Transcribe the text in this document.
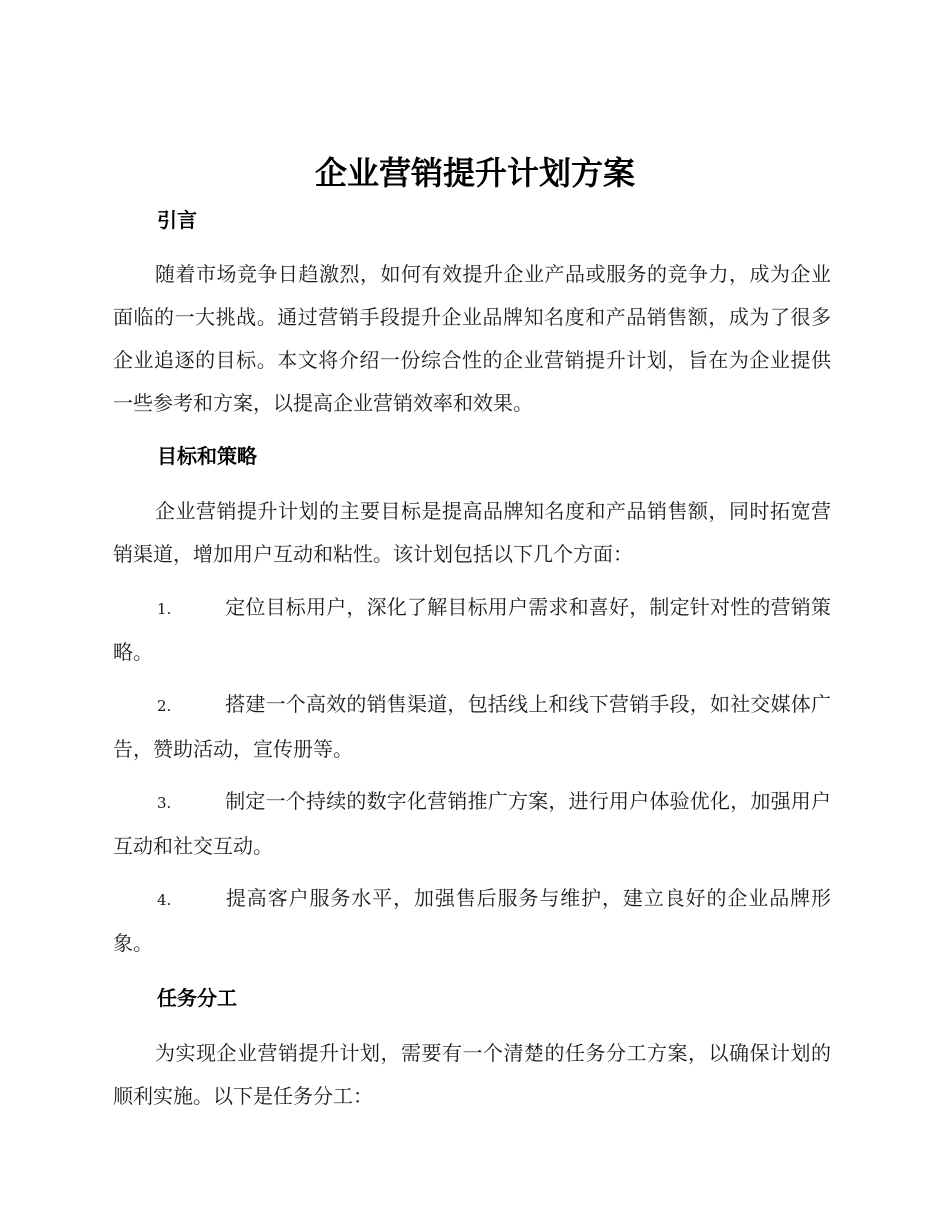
企业营销提升计划方案
引言

随着市场竞争日趋激烈，如何有效提升企业产品或服务的竞争力，成为企业面临的一大挑战。通过营销手段提升企业品牌知名度和产品销售额，成为了很多企业追逐的目标。本文将介绍一份综合性的企业营销提升计划，旨在为企业提供一些参考和方案，以提高企业营销效率和效果。

目标和策略

企业营销提升计划的主要目标是提高品牌知名度和产品销售额，同时拓宽营销渠道，增加用户互动和粘性。该计划包括以下几个方面：

1.	定位目标用户，深化了解目标用户需求和喜好，制定针对性的营销策略。

2.	搭建一个高效的销售渠道，包括线上和线下营销手段，如社交媒体广告，赞助活动，宣传册等。

3.	制定一个持续的数字化营销推广方案，进行用户体验优化，加强用户互动和社交互动。

4.	提高客户服务水平，加强售后服务与维护，建立良好的企业品牌形象。

任务分工

为实现企业营销提升计划，需要有一个清楚的任务分工方案，以确保计划的顺利实施。以下是任务分工：
